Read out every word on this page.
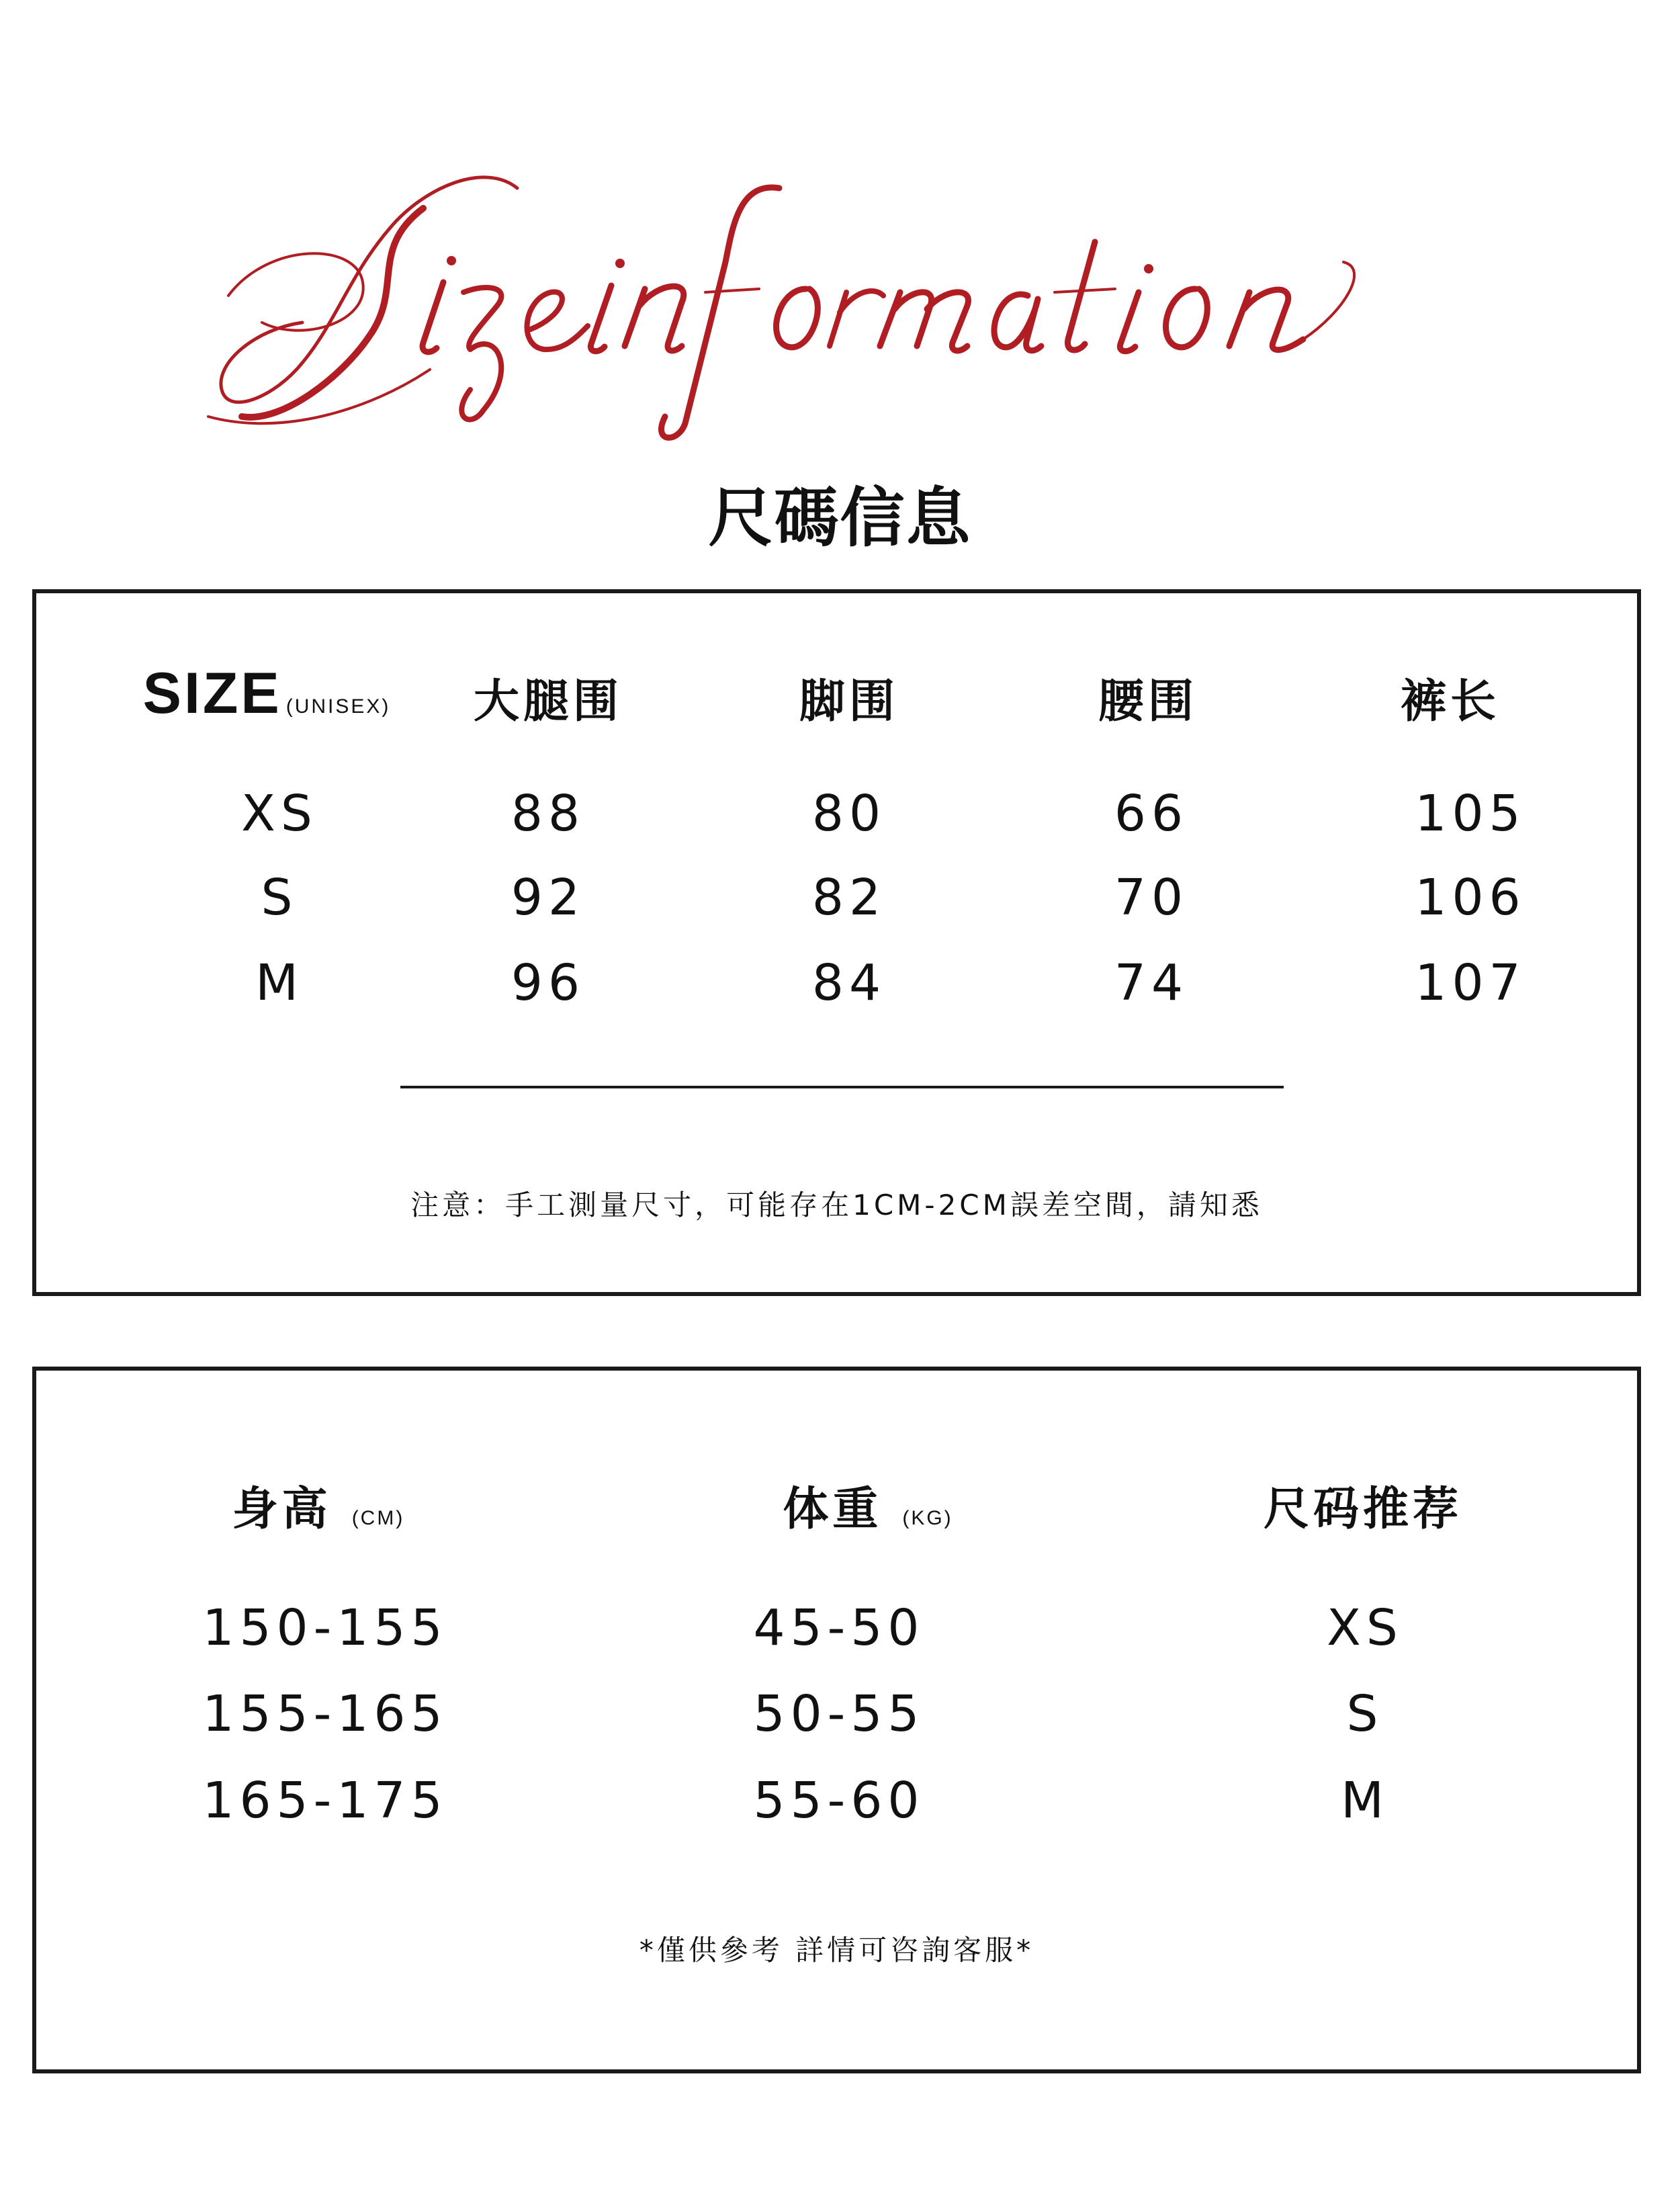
尺碼信息
SIZE (UNISEX) 大腿围	脚围	腰围	裤长
XS	88	80	66	105
S	92	82	70	106
M	96	84	74	107
注意：手工測量尺寸，可能存在1CM-2CM誤差空間，請知悉
身高 (CM)	体重 (KG)	尺码推荐
150-155	45-50	XS
155-165	50-55	S
165-175	55-60	M
*僅供參考 詳情可咨詢客服*
